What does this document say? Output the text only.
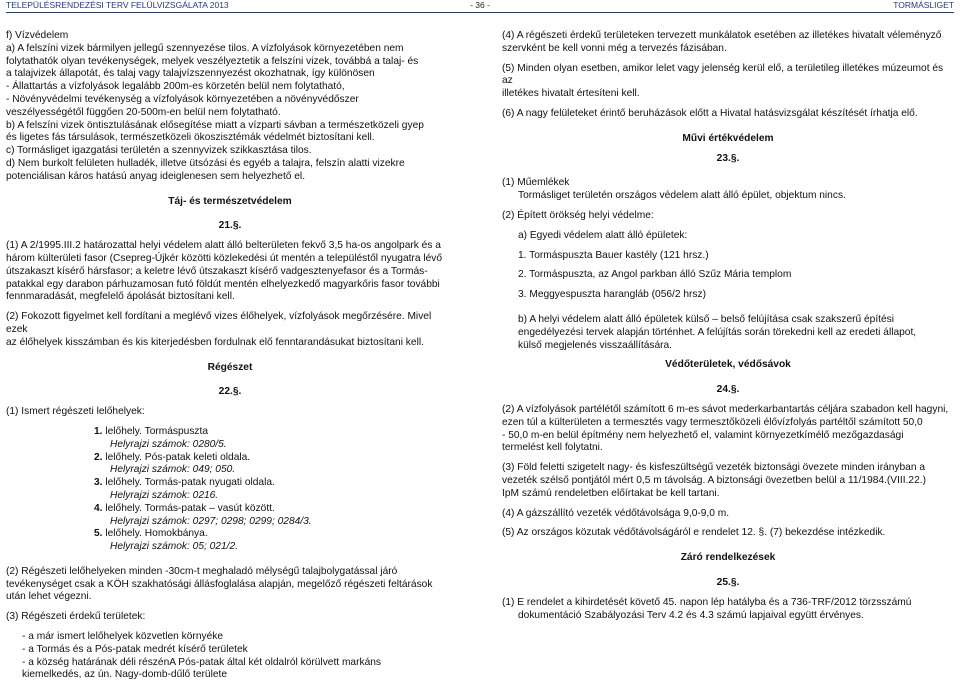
TELEPÜLÉSRENDEZÉSI TERV FELÜLVIZSGÁLATA 2013	- 36 -	TORMÁSLIGET

f) Vízvédelem

a) A felszíni vizek bármilyen jellegű szennyezése tilos. A vízfolyások környezetében nem

folytathatók olyan tevékenységek, melyek veszélyeztetik a felszíni vizek, továbbá a talaj- és

a talajvizek állapotát, és talaj vagy talajvízszennyezést okozhatnak, így különösen

- Állattartás a vízfolyások legalább 200m-es körzetén belül nem folytatható,

- Növényvédelmi tevékenység a vízfolyások környezetében a növényvédőszer

veszélyességétől függően 20-500m-en belül nem folytatható.

b) A felszíni vizek öntisztulásának elősegítése miatt a vízparti sávban a természetközeli gyep

és ligetes fás társulások, természetközeli ökoszisztémák védelmét biztosítani kell.

c) Tormásliget igazgatási területén a szennyvizek szikkasztása tilos.

d) Nem burkolt felületen hulladék, illetve ütsózási és egyéb a talajra, felszín alatti vizekre

potenciálisan káros hatású anyag ideiglenesen sem helyezhető el.

Táj- és természetvédelem

21.§.

(1) A 2/1995.III.2 határozattal helyi védelem alatt álló belterületen fekvő 3,5 ha-os angolpark és a

három külterületi fasor (Csepreg-Újkér közötti közlekedési út mentén a településtől nyugatra lévő

útszakaszt kísérő hársfasor; a keletre lévő útszakaszt kísérő vadgesztenyefasor és a Tormás-

patakkal egy darabon párhuzamosan futó földút mentén elhelyezkedő magyarkőris fasor további

fennmaradását, megfelelő ápolását biztosítani kell.

(2) Fokozott figyelmet kell fordítani a meglévő vizes élőhelyek, vízfolyások megőrzésére. Mivel ezek

az élőhelyek kisszámban és kis kiterjedésben fordulnak elő fenntarandásukat biztosítani kell.

Régészet

22.§.

(1) Ismert régészeti lelőhelyek:

1. lelőhely. Tormáspuszta

Helyrajzi számok: 0280/5.

2. lelőhely. Pós-patak keleti oldala.

Helyrajzi számok: 049; 050.

3. lelőhely. Tormás-patak nyugati oldala.

Helyrajzi számok: 0216.

4. lelőhely. Tormás-patak – vasút között.

Helyrajzi számok: 0297; 0298; 0299; 0284/3.

5. lelőhely. Homokbánya.

Helyrajzi számok: 05; 021/2.

(2) Régészeti lelőhelyeken minden -30cm-t meghaladó mélységű talajbolygatással járó

tevékenységet csak a KÖH szakhatósági állásfoglalása alapján, megelőző régészeti feltárások

után lehet végezni.

(3) Régészeti érdekű területek:

- a már ismert lelőhelyek közvetlen környéke

- a Tormás és a Pós-patak medrét kísérő területek

- a község határának déli részénA Pós-patak által két oldalról körülvett markáns

kiemelkedés, az ún. Nagy-domb-dűlő területe

(4) A régészeti érdekű területeken tervezett munkálatok esetében az illetékes hivatalt véleményző

szervként be kell vonni még a tervezés fázisában.

(5) Minden olyan esetben, amikor lelet vagy jelenség kerül elő, a területileg illetékes múzeumot és az

illetékes hivatalt értesíteni kell.

(6) A nagy felületeket érintő beruházások előtt a Hivatal hatásvizsgálat készítését írhatja elő.

Művi értékvédelem

23.§.

(1) Műemlékek

Tormásliget területén országos védelem alatt álló épület, objektum nincs.

(2) Épített örökség helyi védelme:

a) Egyedi védelem alatt álló épületek:

1. Tormáspuszta Bauer kastély (121 hrsz.)

2. Tormáspuszta, az Angol parkban álló Szűz Mária templom

3. Meggyespuszta harangláb (056/2 hrsz)

b) A helyi védelem alatt álló épületek külső – belső felújítása csak szakszerű építési

engedélyezési tervek alapján történhet. A felújítás során törekedni kell az eredeti állapot,

külső megjelenés visszaállítására.

Védőterületek, védősávok

24.§.

(2) A vízfolyások partélétől számított 6 m-es sávot mederkarbantartás céljára szabadon kell hagyni,

ezen túl a külterületen a termesztés vagy termesztőközeli élővízfolyás partéltől számított 50,0

- 50,0 m-en belül építmény nem helyezhető el, valamint környezetkímélő mezőgazdasági

termelést kell folytatni.

(3) Föld feletti szigetelt nagy- és kisfeszültségű vezeték biztonsági övezete minden irányban a

vezeték szélső pontjától mért 0,5 m távolság. A biztonsági övezetben belül a 11/1984.(VIII.22.)

IpM számú rendeletben előírtakat be kell tartani.

(4) A gázszállító vezeték védőtávolsága 9,0-9,0 m.

(5) Az országos közutak védőtávolságáról e rendelet 12. §. (7) bekezdése intézkedik.

Záró rendelkezések

25.§.

(1) E rendelet a kihirdetését követő 45. napon lép hatályba és a 736-TRF/2012 törzsszámú

dokumentáció Szabályozási Terv 4.2 és 4.3 számú lapjaival együtt érvényes.
